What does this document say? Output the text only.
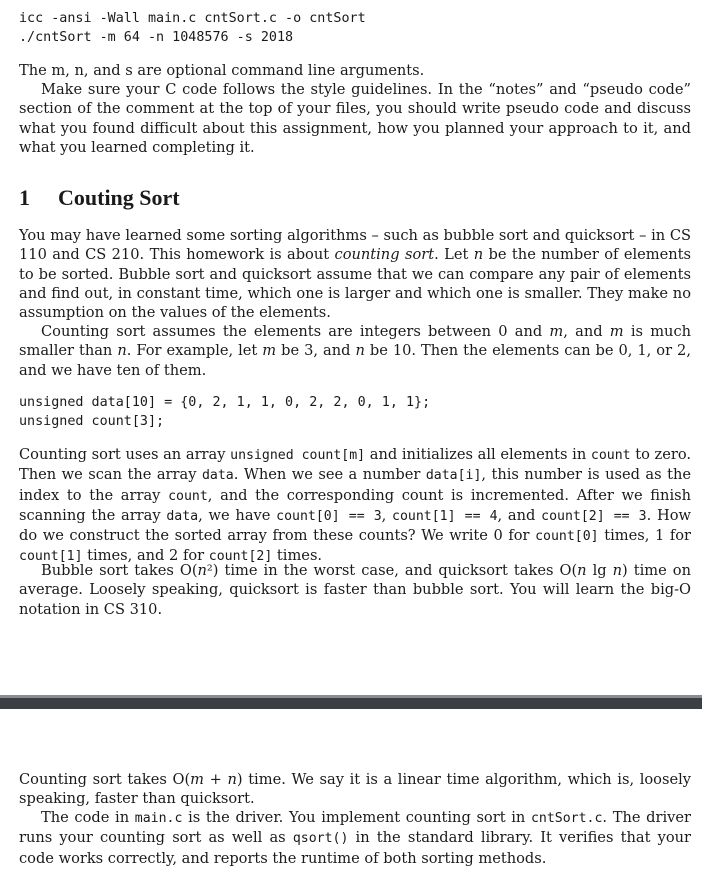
icc -ansi -Wall main.c cntSort.c -o cntSort
./cntSort -m 64 -n 1048576 -s 2018
The m, n, and s are optional command line arguments.
Make sure your C code follows the style guidelines. In the “notes” and “pseudo code” section of the comment at the top of your files, you should write pseudo code and discuss what you found difficult about this assignment, how you planned your approach to it, and what you learned completing it.
1 Couting Sort
You may have learned some sorting algorithms – such as bubble sort and quicksort – in CS 110 and CS 210. This homework is about counting sort. Let n be the number of elements to be sorted. Bubble sort and quicksort assume that we can compare any pair of elements and find out, in constant time, which one is larger and which one is smaller. They make no assumption on the values of the elements.
Counting sort assumes the elements are integers between 0 and m, and m is much smaller than n. For example, let m be 3, and n be 10. Then the elements can be 0, 1, or 2, and we have ten of them.
unsigned data[10] = {0, 2, 1, 1, 0, 2, 2, 0, 1, 1};
unsigned count[3];
Counting sort uses an array unsigned count[m] and initializes all elements in count to zero. Then we scan the array data. When we see a number data[i], this number is used as the index to the array count, and the corresponding count is incremented. After we finish scanning the array data, we have count[0] == 3, count[1] == 4, and count[2] == 3. How do we construct the sorted array from these counts? We write 0 for count[0] times, 1 for count[1] times, and 2 for count[2] times.
Bubble sort takes O(n²) time in the worst case, and quicksort takes O(n lg n) time on average. Loosely speaking, quicksort is faster than bubble sort. You will learn the big-O notation in CS 310.
Counting sort takes O(m + n) time. We say it is a linear time algorithm, which is, loosely speaking, faster than quicksort.
The code in main.c is the driver. You implement counting sort in cntSort.c. The driver runs your counting sort as well as qsort() in the standard library. It verifies that your code works correctly, and reports the runtime of both sorting methods.
